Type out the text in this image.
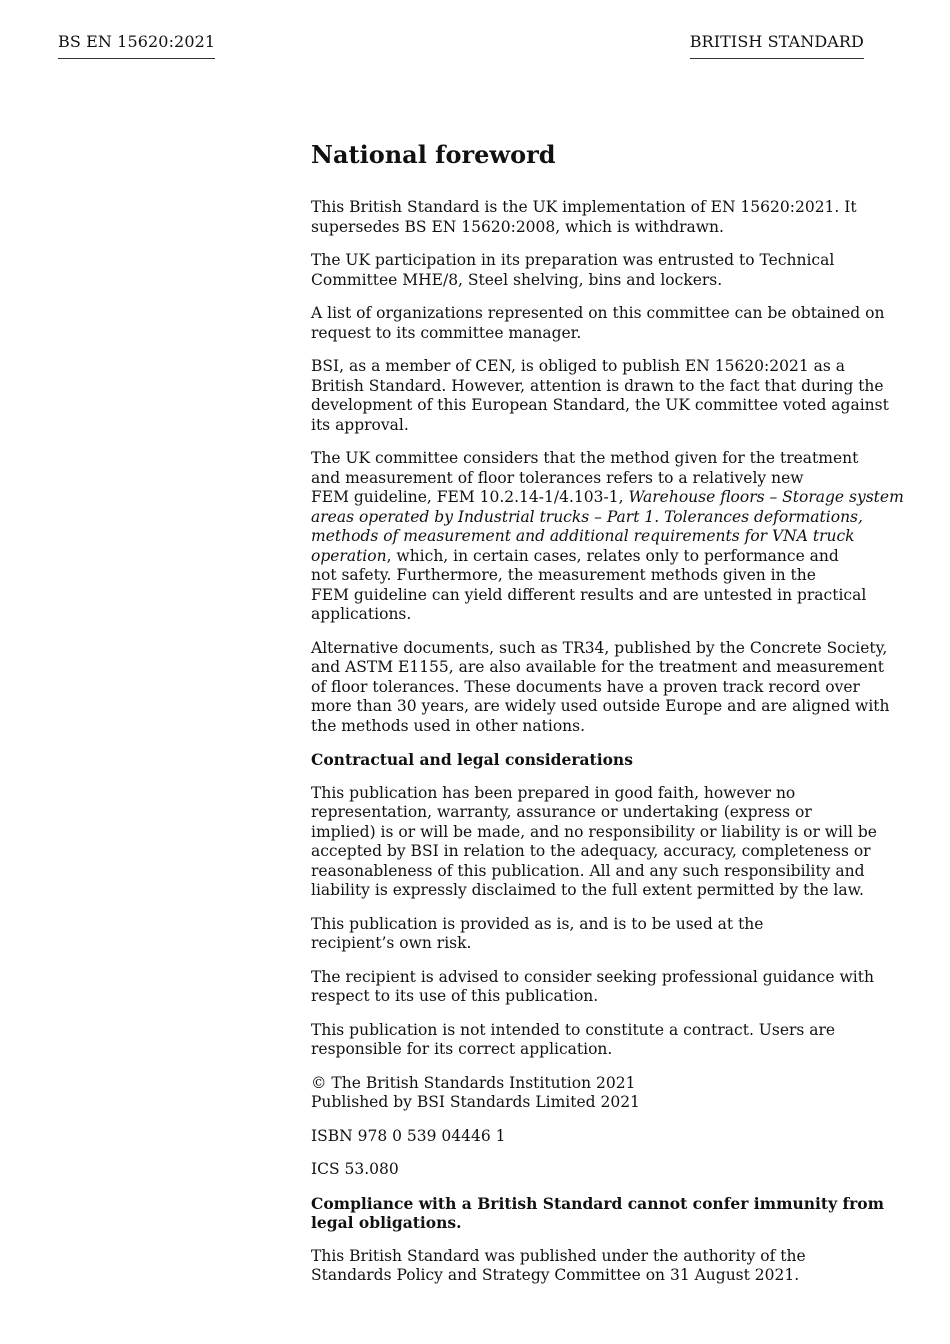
BS EN 15620:2021	BRITISH STANDARD
National foreword

This British Standard is the UK implementation of EN 15620:2021. It
supersedes BS EN 15620:2008, which is withdrawn.

The UK participation in its preparation was entrusted to Technical
Committee MHE/8, Steel shelving, bins and lockers.

A list of organizations represented on this committee can be obtained on
request to its committee manager.

BSI, as a member of CEN, is obliged to publish EN 15620:2021 as a
British Standard. However, attention is drawn to the fact that during the
development of this European Standard, the UK committee voted against
its approval.

The UK committee considers that the method given for the treatment
and measurement of floor tolerances refers to a relatively new
FEM guideline, FEM 10.2.14-1/4.103-1, Warehouse floors – Storage system
areas operated by Industrial trucks – Part 1. Tolerances deformations,
methods of measurement and additional requirements for VNA truck
operation, which, in certain cases, relates only to performance and
not safety. Furthermore, the measurement methods given in the
FEM guideline can yield different results and are untested in practical
applications.

Alternative documents, such as TR34, published by the Concrete Society,
and ASTM E1155, are also available for the treatment and measurement
of floor tolerances. These documents have a proven track record over
more than 30 years, are widely used outside Europe and are aligned with
the methods used in other nations.

Contractual and legal considerations

This publication has been prepared in good faith, however no
representation, warranty, assurance or undertaking (express or
implied) is or will be made, and no responsibility or liability is or will be
accepted by BSI in relation to the adequacy, accuracy, completeness or
reasonableness of this publication. All and any such responsibility and
liability is expressly disclaimed to the full extent permitted by the law.

This publication is provided as is, and is to be used at the
recipient’s own risk.

The recipient is advised to consider seeking professional guidance with
respect to its use of this publication.

This publication is not intended to constitute a contract. Users are
responsible for its correct application.

© The British Standards Institution 2021
Published by BSI Standards Limited 2021

ISBN 978 0 539 04446 1

ICS 53.080

Compliance with a British Standard cannot confer immunity from
legal obligations.

This British Standard was published under the authority of the
Standards Policy and Strategy Committee on 31 August 2021.
